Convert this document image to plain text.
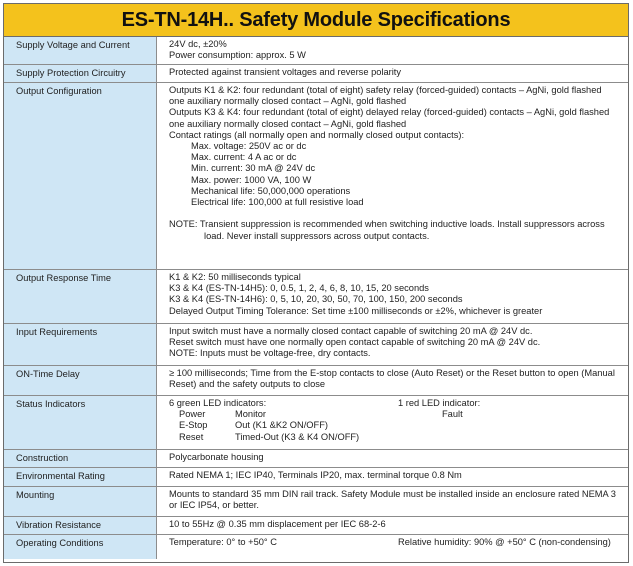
ES-TN-14H.. Safety Module Specifications
Supply Voltage and Current	24V dc, ±20%
Power consumption: approx. 5 W
Supply Protection Circuitry	Protected against transient voltages and reverse polarity
Output Configuration	Outputs K1 & K2: four redundant (total of eight) safety relay (forced-guided) contacts – AgNi, gold flashed
one auxiliary normally closed contact – AgNi, gold flashed
Outputs K3 & K4: four redundant (total of eight) delayed relay (forced-guided) contacts – AgNi, gold flashed
one auxiliary normally closed contact – AgNi, gold flashed
Contact ratings (all normally open and normally closed output contacts):
Max. voltage: 250V ac or dc
Max. current: 4 A ac or dc
Min. current: 30 mA @ 24V dc
Max. power: 1000 VA, 100 W
Mechanical life: 50,000,000 operations
Electrical life: 100,000 at full resistive load
NOTE: Transient suppression is recommended when switching inductive loads. Install suppressors across
load. Never install suppressors across output contacts.
Output Response Time	K1 & K2: 50 milliseconds typical
K3 & K4 (ES-TN-14H5): 0, 0.5, 1, 2, 4, 6, 8, 10, 15, 20 seconds
K3 & K4 (ES-TN-14H6): 0, 5, 10, 20, 30, 50, 70, 100, 150, 200 seconds
Delayed Output Timing Tolerance: Set time ±100 milliseconds or ±2%, whichever is greater
Input Requirements	Input switch must have a normally closed contact capable of switching 20 mA @ 24V dc.
Reset switch must have one normally open contact capable of switching 20 mA @ 24V dc.
NOTE: Inputs must be voltage-free, dry contacts.
ON-Time Delay	≥ 100 milliseconds; Time from the E-stop contacts to close (Auto Reset) or the Reset button to open (Manual
Reset) and the safety outputs to close
Status Indicators	6 green LED indicators:	1 red LED indicator:
Power	Monitor	Fault
E-Stop	Out (K1 &K2 ON/OFF)
Reset	Timed-Out (K3 & K4 ON/OFF)
Construction	Polycarbonate housing
Environmental Rating	Rated NEMA 1; IEC IP40, Terminals IP20, max. terminal torque 0.8 Nm
Mounting	Mounts to standard 35 mm DIN rail track. Safety Module must be installed inside an enclosure rated NEMA 3
or IEC IP54, or better.
Vibration Resistance	10 to 55Hz @ 0.35 mm displacement per IEC 68-2-6
Operating Conditions	Temperature: 0° to +50° C	Relative humidity: 90% @ +50° C (non-condensing)
